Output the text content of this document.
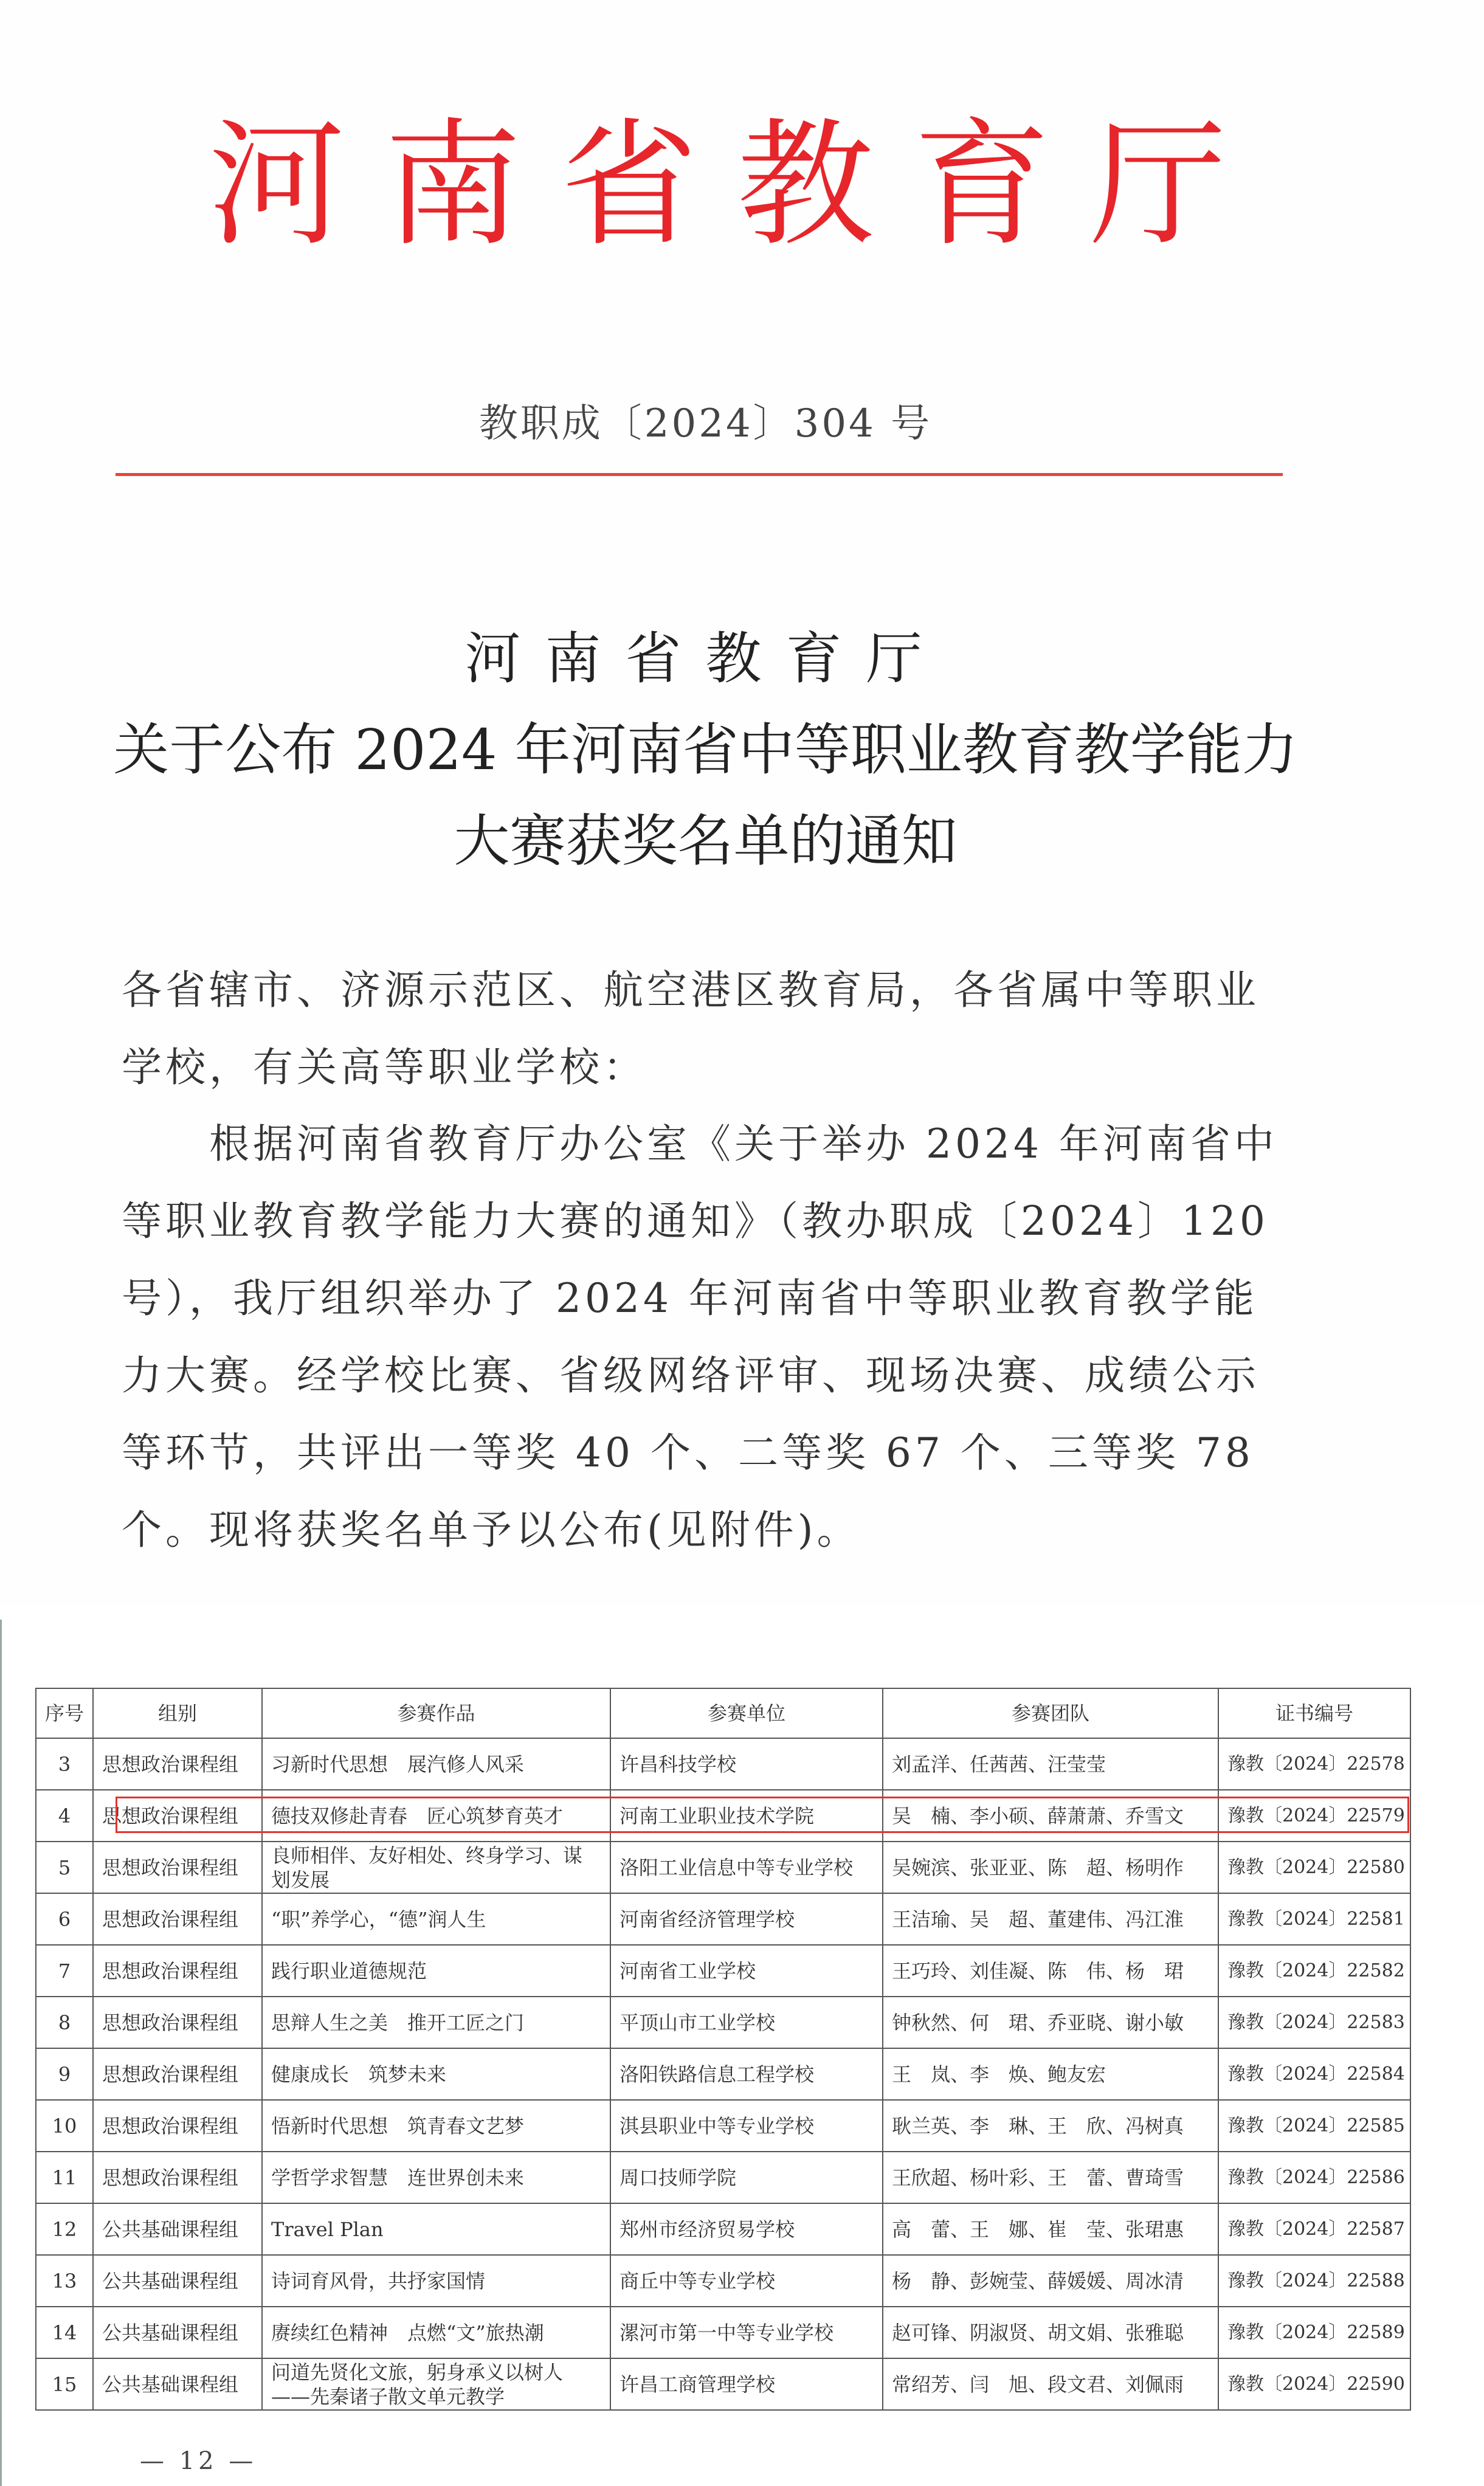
河 南 省 教 育 厅
教职成〔2024〕304 号
河南省教育厅
关于公布 2024 年河南省中等职业教育教学能力
大赛获奖名单的通知
各省辖市、济源示范区、航空港区教育局，各省属中等职业学校，有关高等职业学校：
根据河南省教育厅办公室《关于举办 2024 年河南省中等职业教育教学能力大赛的通知》（教办职成〔2024〕120 号），我厅组织举办了 2024 年河南省中等职业教育教学能力大赛。经学校比赛、省级网络评审、现场决赛、成绩公示等环节，共评出一等奖 40 个、二等奖 67 个、三等奖 78 个。现将获奖名单予以公布(见附件)。
序号	组别	参赛作品	参赛单位	参赛团队	证书编号
3	思想政治课程组	习新时代思想　展汽修人风采	许昌科技学校	刘孟洋、任茜茜、汪莹莹	豫教〔2024〕22578
4	思想政治课程组	德技双修赴青春　匠心筑梦育英才	河南工业职业技术学院	吴　楠、李小硕、薛萧萧、乔雪文	豫教〔2024〕22579
5	思想政治课程组	良师相伴、友好相处、终身学习、谋划发展	洛阳工业信息中等专业学校	吴婉滨、张亚亚、陈　超、杨明作	豫教〔2024〕22580
6	思想政治课程组	“职”养学心，“德”润人生	河南省经济管理学校	王洁瑜、吴　超、董建伟、冯江淮	豫教〔2024〕22581
7	思想政治课程组	践行职业道德规范	河南省工业学校	王巧玲、刘佳凝、陈　伟、杨　珺	豫教〔2024〕22582
8	思想政治课程组	思辩人生之美　推开工匠之门	平顶山市工业学校	钟秋然、何　珺、乔亚晓、谢小敏	豫教〔2024〕22583
9	思想政治课程组	健康成长　筑梦未来	洛阳铁路信息工程学校	王　岚、李　焕、鲍友宏	豫教〔2024〕22584
10	思想政治课程组	悟新时代思想　筑青春文艺梦	淇县职业中等专业学校	耿兰英、李　琳、王　欣、冯树真	豫教〔2024〕22585
11	思想政治课程组	学哲学求智慧　连世界创未来	周口技师学院	王欣超、杨叶彩、王　蕾、曹琦雪	豫教〔2024〕22586
12	公共基础课程组	Travel Plan	郑州市经济贸易学校	高　蕾、王　娜、崔　莹、张珺惠	豫教〔2024〕22587
13	公共基础课程组	诗词育风骨，共抒家国情	商丘中等专业学校	杨　静、彭婉莹、薛媛媛、周冰清	豫教〔2024〕22588
14	公共基础课程组	赓续红色精神　点燃“文”旅热潮	漯河市第一中等专业学校	赵可锋、阴淑贤、胡文娟、张雅聪	豫教〔2024〕22589
15	公共基础课程组	问道先贤化文旅，躬身承义以树人——先秦诸子散文单元教学	许昌工商管理学校	常绍芳、闫　旭、段文君、刘佩雨	豫教〔2024〕22590
— 12 —
